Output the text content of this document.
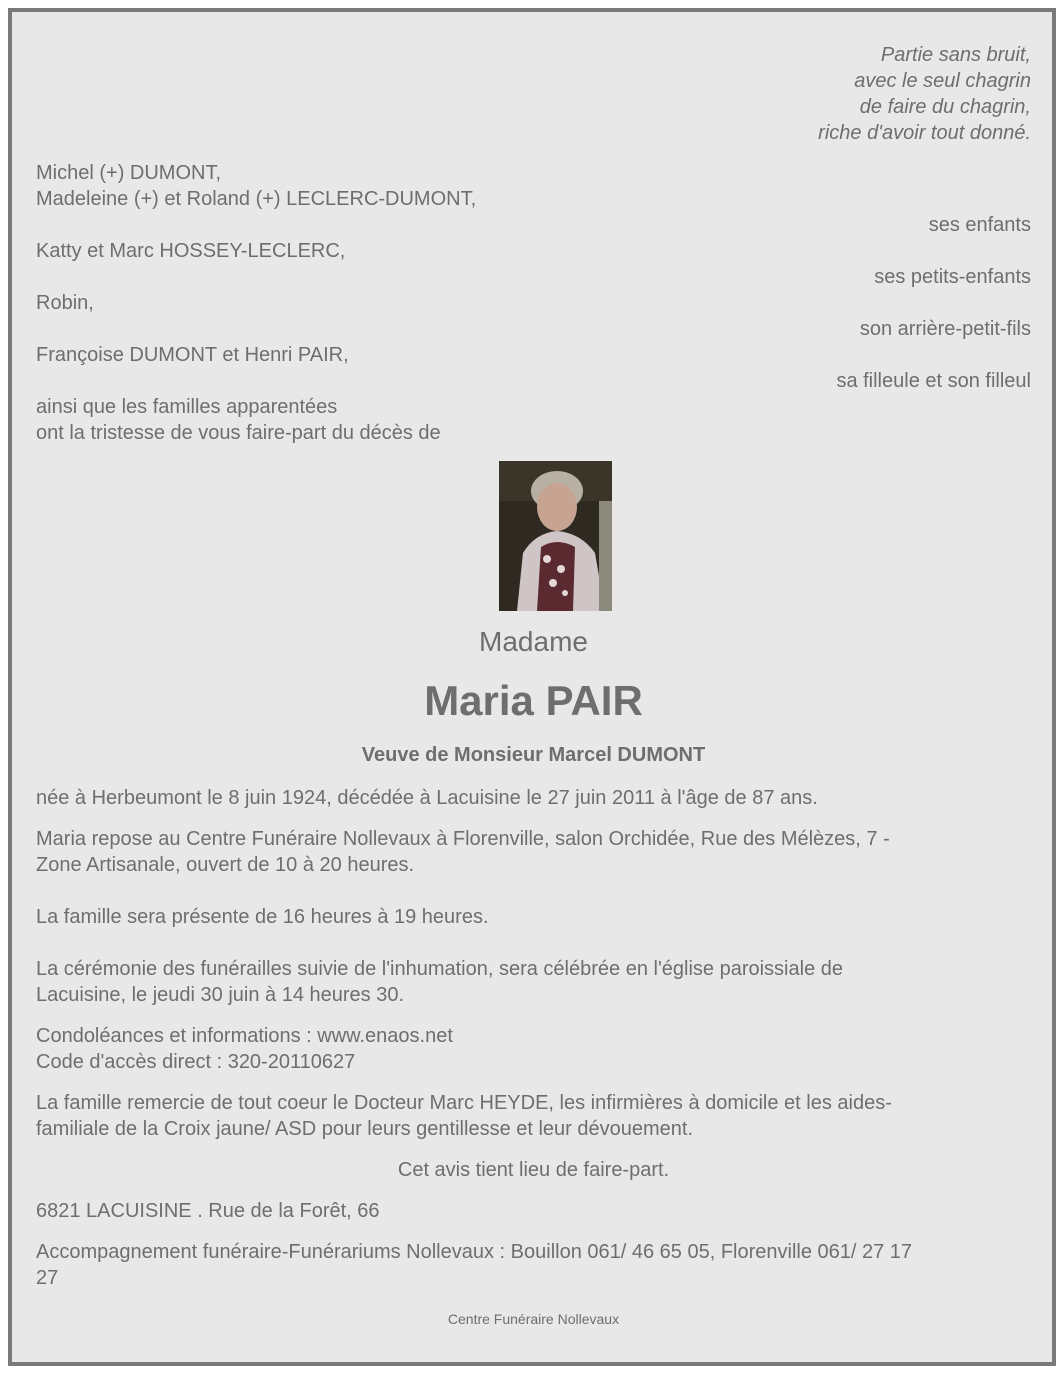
Partie sans bruit,
avec le seul chagrin
de faire du chagrin,
riche d'avoir tout donné.
Michel (+) DUMONT,
Madeleine (+) et Roland (+) LECLERC-DUMONT,
ses enfants
Katty et Marc HOSSEY-LECLERC,
ses petits-enfants
Robin,
son arrière-petit-fils
Françoise DUMONT et Henri PAIR,
sa filleule et son filleul
ainsi que les familles apparentées
ont la tristesse de vous faire-part du décès de
Madame
Maria PAIR
Veuve de Monsieur Marcel DUMONT
née à Herbeumont le 8 juin 1924, décédée à Lacuisine le 27 juin 2011 à l'âge de 87 ans.
Maria repose au Centre Funéraire Nollevaux à Florenville, salon Orchidée, Rue des Mélèzes, 7 -
Zone Artisanale, ouvert de 10 à 20 heures.
La famille sera présente de 16 heures à 19 heures.
La cérémonie des funérailles suivie de l'inhumation, sera célébrée en l'église paroissiale de
Lacuisine, le jeudi 30 juin à 14 heures 30.
Condoléances et informations : www.enaos.net
Code d'accès direct : 320-20110627
La famille remercie de tout coeur le Docteur Marc HEYDE, les infirmières à domicile et les aides-
familiale de la Croix jaune/ ASD pour leurs gentillesse et leur dévouement.
Cet avis tient lieu de faire-part.
6821 LACUISINE . Rue de la Forêt, 66
Accompagnement funéraire-Funérariums Nollevaux : Bouillon 061/ 46 65 05, Florenville 061/ 27 17
27
Centre Funéraire Nollevaux
